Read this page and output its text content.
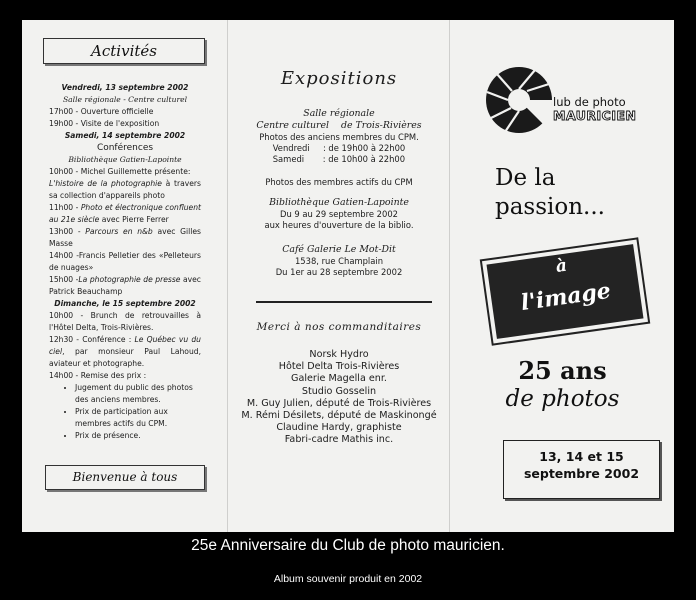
Activités
Vendredi, 13 septembre 2002
Salle régionale - Centre culturel
17h00 - Ouverture officielle
19h00 - Visite de l'exposition
Samedi, 14 septembre 2002
Conférences
Bibliothèque Gatien-Lapointe
10h00 - Michel Guillemette présente:
L'histoire de la photographie à travers sa collection d'appareils photo
11h00 - Photo et électronique confluent au 21e siècle avec Pierre Ferrer
13h00 - Parcours en n&b avec Gilles Masse
14h00 -Francis Pelletier des «Pelleteurs de nuages»
15h00 -La photographie de presse avec Patrick Beauchamp
Dimanche, le 15 septembre 2002
10h00 - Brunch de retrouvailles à l'Hôtel Delta, Trois-Rivières.
12h30 - Conférence : Le Québec vu du ciel, par monsieur Paul Lahoud, aviateur et photographe.
14h00 - Remise des prix :
• Jugement du public des photos des anciens membres.
• Prix de participation aux membres actifs du CPM.
• Prix de présence.
Bienvenue à tous
Expositions
Salle régionale
Centre culturel    de Trois-Rivières
Photos des anciens membres du CPM.
Vendredi     : de 19h00 à 22h00
Samedi       : de 10h00 à 22h00
Photos des membres actifs du CPM
Bibliothèque Gatien-Lapointe
Du 9 au 29 septembre 2002
aux heures d'ouverture de la biblio.
Café Galerie Le Mot-Dit
1538, rue Champlain
Du 1er au 28 septembre 2002
Merci à nos commanditaires
Norsk Hydro
Hôtel Delta Trois-Rivières
Galerie Magella enr.
Studio Gosselin
M. Guy Julien, député de Trois-Rivières
M. Rémi Désilets, député de Maskinongé
Claudine Hardy, graphiste
Fabri-cadre Mathis inc.
lub de photo
MAURICIEN
De la
passion...
à
l'image
25 ans
de photos
13, 14 et 15
septembre 2002
25e Anniversaire du Club de photo mauricien.
Album souvenir produit en 2002
